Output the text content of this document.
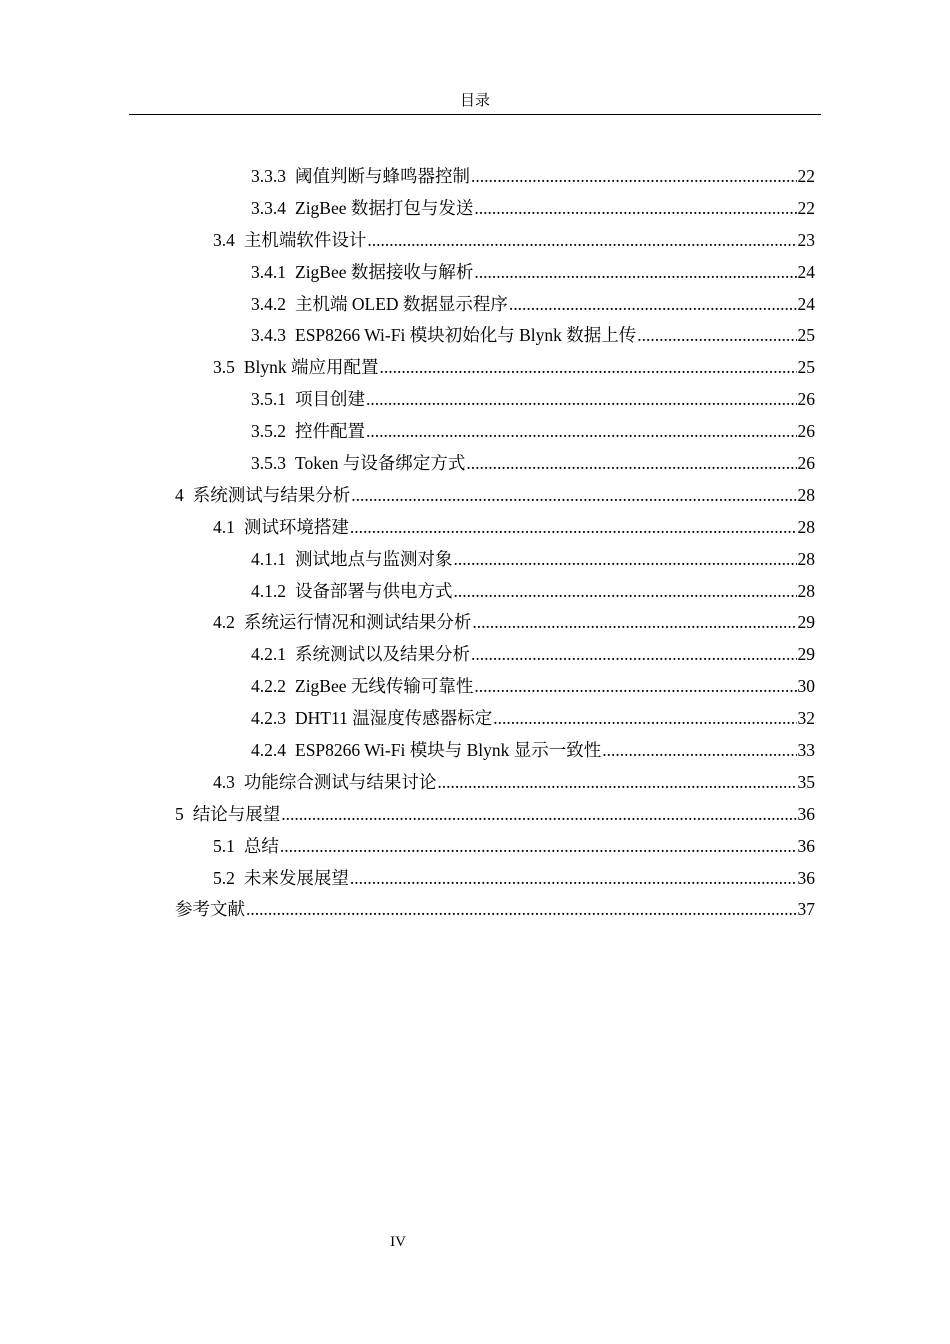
目录
3.3.3 阈值判断与蜂鸣器控制 .....	22
3.3.4 ZigBee 数据打包与发送 .....	22
3.4 主机端软件设计 .....	23
3.4.1 ZigBee 数据接收与解析 .....	24
3.4.2 主机端 OLED 数据显示程序 .....	24
3.4.3 ESP8266 Wi-Fi 模块初始化与 Blynk 数据上传 .....	25
3.5 Blynk 端应用配置 .....	25
3.5.1 项目创建 .....	26
3.5.2 控件配置 .....	26
3.5.3 Token 与设备绑定方式 .....	26
4 系统测试与结果分析 .....	28
4.1 测试环境搭建 .....	28
4.1.1 测试地点与监测对象 .....	28
4.1.2 设备部署与供电方式 .....	28
4.2 系统运行情况和测试结果分析 .....	29
4.2.1 系统测试以及结果分析 .....	29
4.2.2 ZigBee 无线传输可靠性 .....	30
4.2.3 DHT11 温湿度传感器标定 .....	32
4.2.4 ESP8266 Wi-Fi 模块与 Blynk 显示一致性 .....	33
4.3 功能综合测试与结果讨论 .....	35
5 结论与展望 .....	36
5.1 总结 .....	36
5.2 未来发展展望 .....	36
参考文献 .....	37
IV
